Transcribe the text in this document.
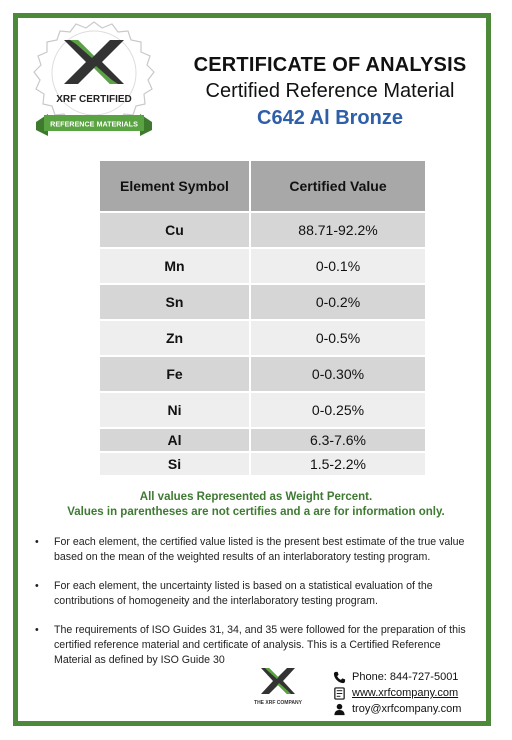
XRF CERTIFIED
REFERENCE MATERIALS
CERTIFICATE OF ANALYSIS
Certified Reference Material
C642 Al Bronze
Element Symbol	Certified Value
Cu	88.71-92.2%
Mn	0-0.1%
Sn	0-0.2%
Zn	0-0.5%
Fe	0-0.30%
Ni	0-0.25%
Al	6.3-7.6%
Si	1.5-2.2%
All values Represented as Weight Percent.
Values in parentheses are not certifies and a are for information only.
• For each element, the certified value listed is the present best estimate of the true value based on the mean of the weighted results of an interlaboratory testing program.
• For each element, the uncertainty listed is based on a statistical evaluation of the contributions of homogeneity and the interlaboratory testing program.
• The requirements of ISO Guides 31, 34, and 35 were followed for the preparation of this certified reference material and certificate of analysis. This is a Certified Reference Material as defined by ISO Guide 30
THE XRF COMPANY
Phone: 844-727-5001
www.xrfcompany.com
troy@xrfcompany.com
